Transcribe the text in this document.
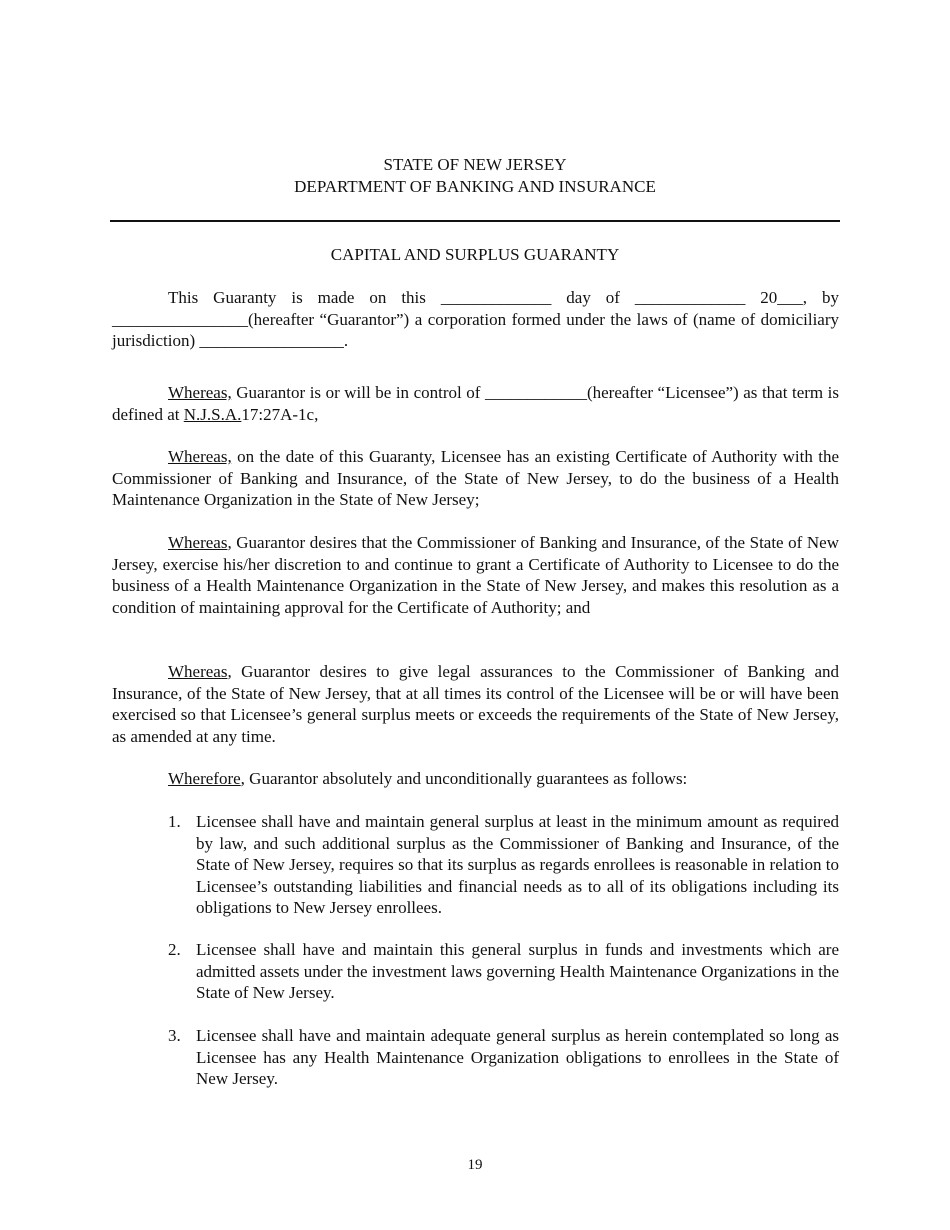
STATE OF NEW JERSEY
DEPARTMENT OF BANKING AND INSURANCE
CAPITAL AND SURPLUS GUARANTY

This Guaranty is made on this _____________ day of _____________ 20___, by ________________(hereafter “Guarantor”) a corporation formed under the laws of (name of domiciliary jurisdiction) _________________.

Whereas, Guarantor is or will be in control of ____________(hereafter “Licensee”) as that term is defined at N.J.S.A.17:27A-1c,

Whereas, on the date of this Guaranty, Licensee has an existing Certificate of Authority with the Commissioner of Banking and Insurance, of the State of New Jersey, to do the business of a Health Maintenance Organization in the State of New Jersey;

Whereas, Guarantor desires that the Commissioner of Banking and Insurance, of the State of New Jersey, exercise his/her discretion to and continue to grant a Certificate of Authority to Licensee to do the business of a Health Maintenance Organization in the State of New Jersey, and makes this resolution as a condition of maintaining approval for the Certificate of Authority; and

Whereas, Guarantor desires to give legal assurances to the Commissioner of Banking and Insurance, of the State of New Jersey, that at all times its control of the Licensee will be or will have been exercised so that Licensee’s general surplus meets or exceeds the requirements of the State of New Jersey, as amended at any time.

Wherefore, Guarantor absolutely and unconditionally guarantees as follows:

1. Licensee shall have and maintain general surplus at least in the minimum amount as required by law, and such additional surplus as the Commissioner of Banking and Insurance, of the State of New Jersey, requires so that its surplus as regards enrollees is reasonable in relation to Licensee’s outstanding liabilities and financial needs as to all of its obligations including its obligations to New Jersey enrollees.

2. Licensee shall have and maintain this general surplus in funds and investments which are admitted assets under the investment laws governing Health Maintenance Organizations in the State of New Jersey.

3. Licensee shall have and maintain adequate general surplus as herein contemplated so long as Licensee has any Health Maintenance Organization obligations to enrollees in the State of New Jersey.

19
